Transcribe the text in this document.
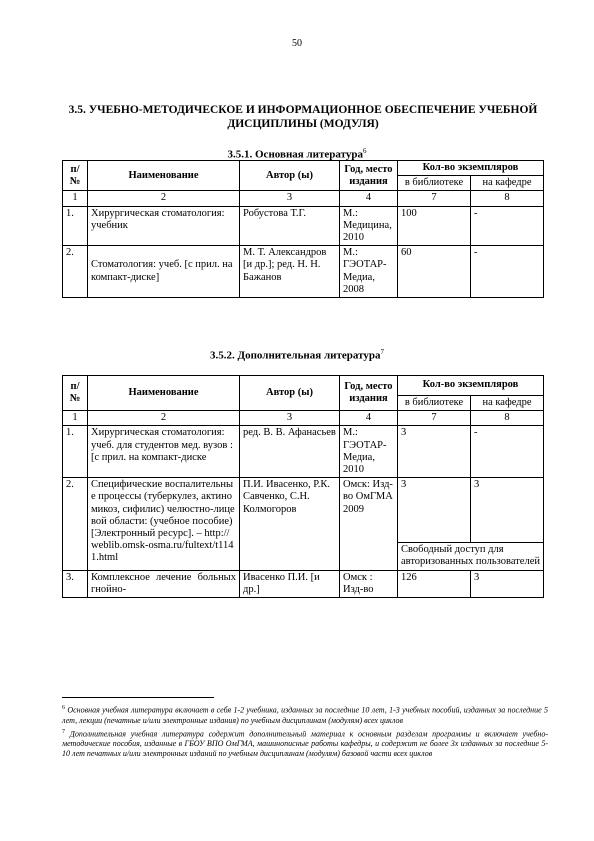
50
3.5. УЧЕБНО-МЕТОДИЧЕСКОЕ И ИНФОРМАЦИОННОЕ ОБЕСПЕЧЕНИЕ УЧЕБНОЙ ДИСЦИПЛИНЫ (МОДУЛЯ)
3.5.1. Основная литература$^6$
п/ №	Наименование	Автор (ы)	Год, место издания	Кол-во экземпляров	
				в библиотеке	на кафедре
1	2	3	4	7	8
1.	Хирургическая стоматология: учебник	Робустова Т.Г.	М.: Медицина, 2010	100	-
2.	Стоматология: учеб. [с прил. на компакт-диске]	М. Т. Александров [и др.]; ред. Н. Н. Бажанов	М.: ГЭОТАР-Медиа, 2008	60	-
3.5.2. Дополнительная литература$^7$
п/ №	Наименование	Автор (ы)	Год, место издания	Кол-во экземпляров	
				в библиотеке	на кафедре
1	2	3	4	7	8
1.	Хирургическая стоматология: учеб. для студентов мед. вузов : [с прил. на компакт-диске	ред. В. В. Афанасьев	М.: ГЭОТАР-Медиа, 2010	3	-
2.	Специфические воспалительные процессы (туберкулез, актиномикоз, сифилис) челюстно-лицевой области: (учебное пособие) [Электронный ресурс]. – http://weblib.omsk-osma.ru/fultext/t1141.html	П.И. Ивасенко, Р.К. Савченко, С.Н. Колмогоров	Омск: Изд-во ОмГМА 2009	3	3
				Свободный доступ для авторизованных пользователей	
3.	Комплексное лечение больных гнойно-	Ивасенко П.И. [и др.]	Омск : Изд-во	126	3

$^6$ Основная учебная литература включает в себя 1-2 учебника, изданных за последние 10 лет, 1-3 учебных пособий, изданных за последние 5 лет, лекции (печатные и/или электронные издания) по учебным дисциплинам (модулям) всех циклов

$^7$ Дополнительная учебная литература содержит дополнительный материал к основным разделам программы и включает учебно-методические пособия, изданные в ГБОУ ВПО ОмГМА, машинописные работы кафедры, и содержит не более 3х изданных за последние 5-10 лет печатных и/или электронных изданий по учебным дисциплинам (модулям) базовой части всех циклов
